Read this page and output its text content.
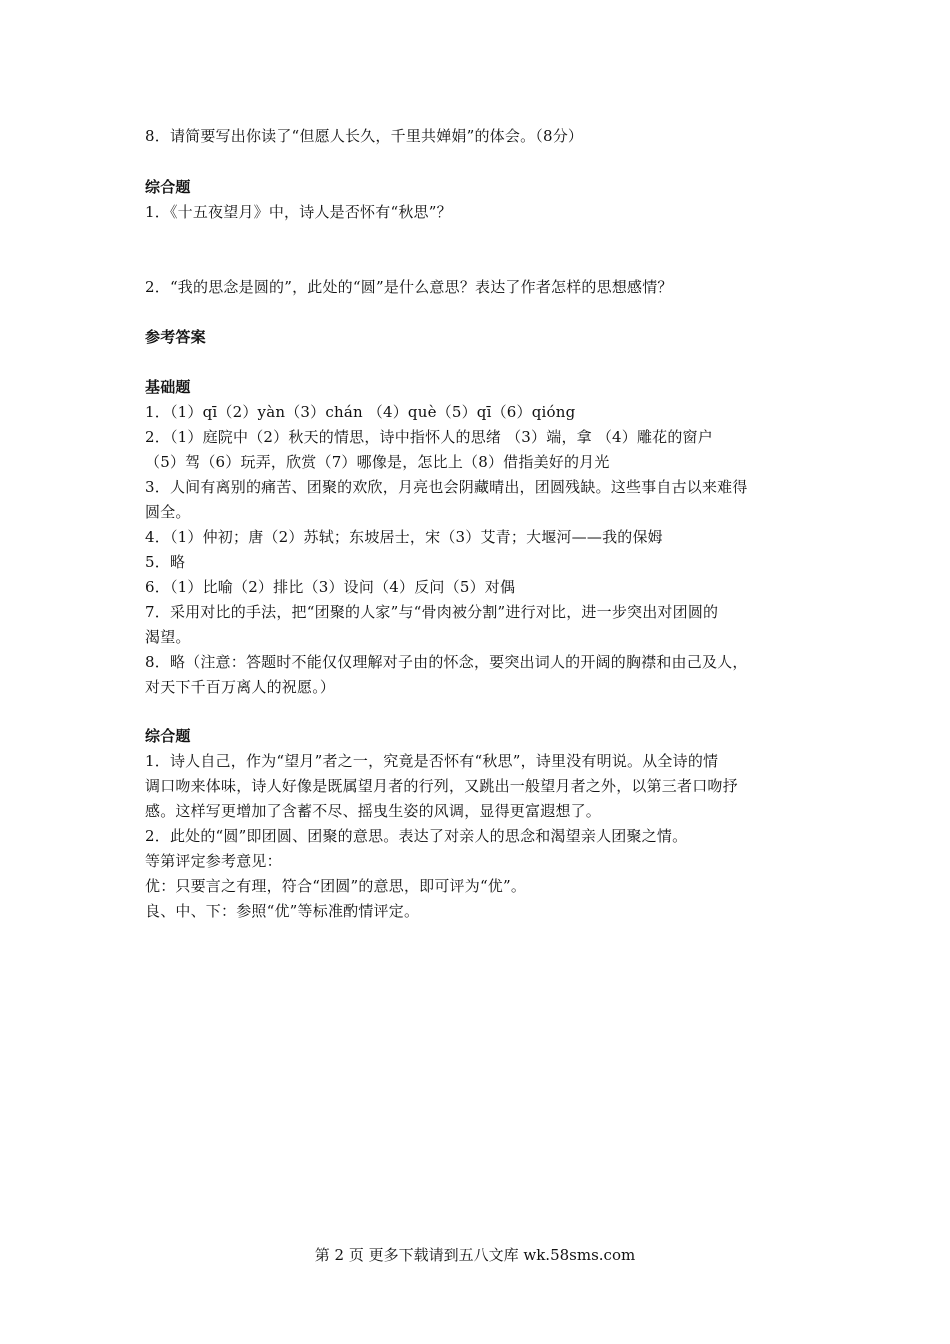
8．请简要写出你读了“但愿人长久，千里共婵娟”的体会。（8分）
综合题
1．《十五夜望月》中，诗人是否怀有“秋思”？
2．“我的思念是圆的”，此处的“圆”是什么意思？表达了作者怎样的思想感情？
参考答案
基础题
1．（1）qī（2）yàn（3）chán （4）què（5）qī（6）qióng
2．（1）庭院中（2）秋天的情思，诗中指怀人的思绪 （3）端，拿 （4）雕花的窗户
（5）驾（6）玩弄，欣赏（7）哪像是，怎比上（8）借指美好的月光
3．人间有离别的痛苦、团聚的欢欣，月亮也会阴藏晴出，团圆残缺。这些事自古以来难得
圆全。
4．（1）仲初；唐（2）苏轼；东坡居士，宋（3）艾青；大堰河——我的保姆
5．略
6．（1）比喻（2）排比（3）设问（4）反问（5）对偶
7．采用对比的手法，把“团聚的人家”与“骨肉被分割”进行对比，进一步突出对团圆的
渴望。
8．略（注意：答题时不能仅仅理解对子由的怀念，要突出词人的开阔的胸襟和由己及人，
对天下千百万离人的祝愿。）
综合题
1．诗人自己，作为“望月”者之一，究竟是否怀有“秋思”，诗里没有明说。从全诗的情
调口吻来体味，诗人好像是既属望月者的行列，又跳出一般望月者之外，以第三者口吻抒
感。这样写更增加了含蓄不尽、摇曳生姿的风调，显得更富遐想了。
2．此处的“圆”即团圆、团聚的意思。表达了对亲人的思念和渴望亲人团聚之情。
等第评定参考意见：
优：只要言之有理，符合“团圆”的意思，即可评为“优”。
良、中、下：参照“优”等标准酌情评定。
第 2 页 更多下载请到五八文库 wk.58sms.com
